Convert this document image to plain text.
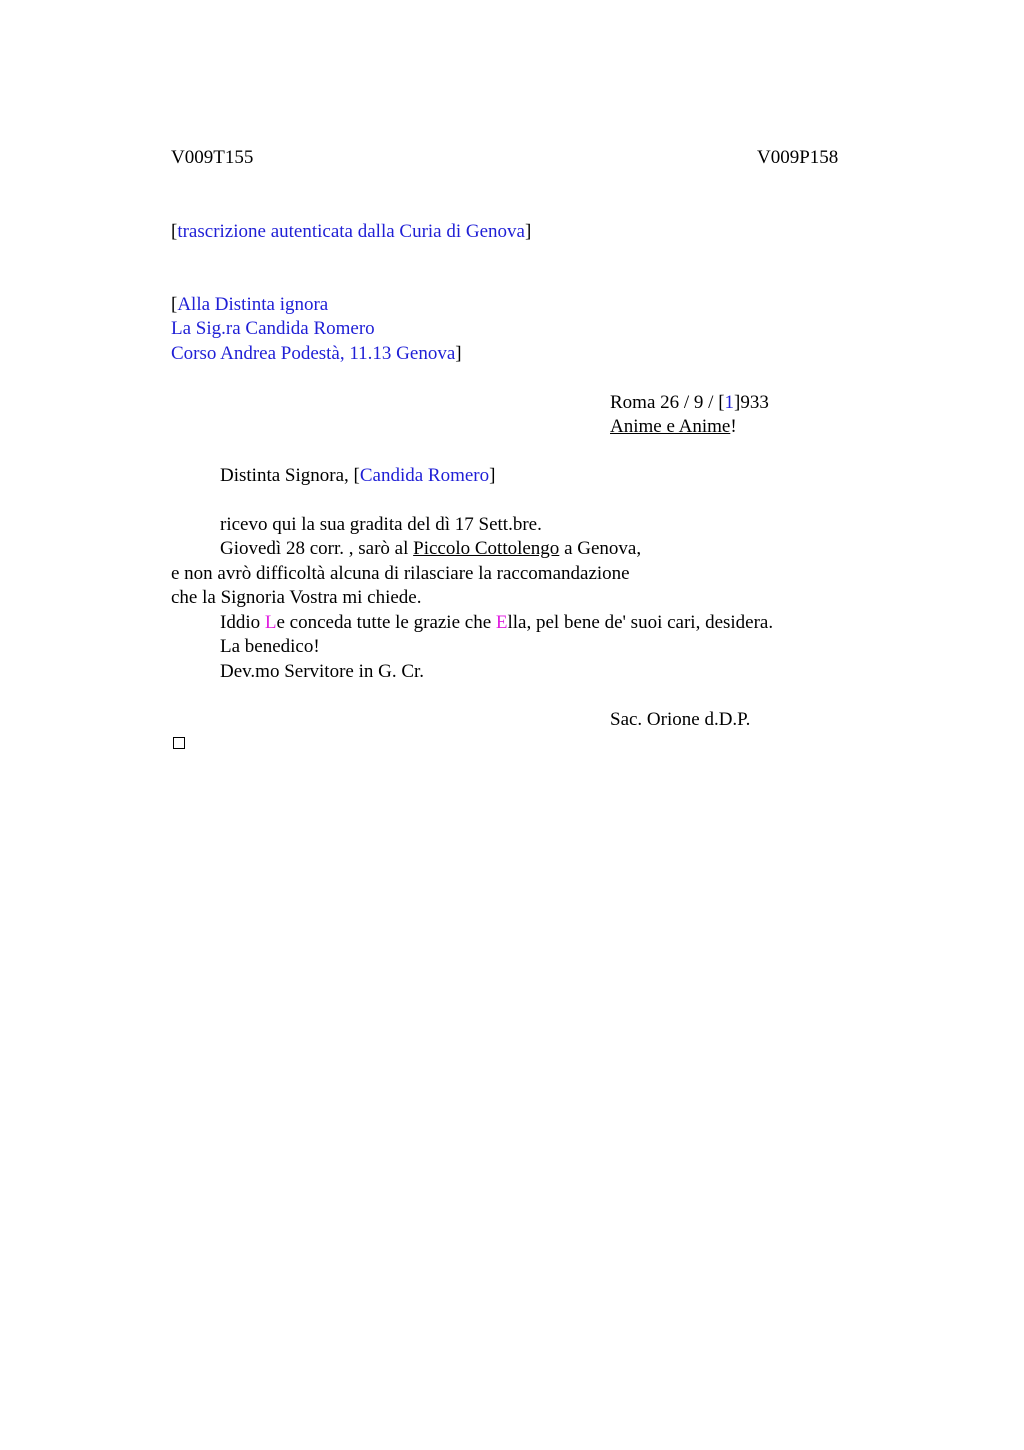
V009T155	V009P158
[trascrizione autenticata dalla Curia di Genova]
[Alla Distinta ignora
La Sig.ra Candida Romero
Corso Andrea Podestà, 11.13 Genova]
Roma 26 / 9 / [1]933
Anime e Anime!
Distinta Signora, [Candida Romero]
ricevo qui la sua gradita del dì 17 Sett.bre.
Giovedì 28 corr. , sarò al Piccolo Cottolengo a Genova,
e non avrò difficoltà alcuna di rilasciare la raccomandazione
che la Signoria Vostra mi chiede.
Iddio Le conceda tutte le grazie che Ella, pel bene de' suoi cari, desidera.
La benedico!
Dev.mo Servitore in G. Cr.
Sac. Orione d.D.P.
